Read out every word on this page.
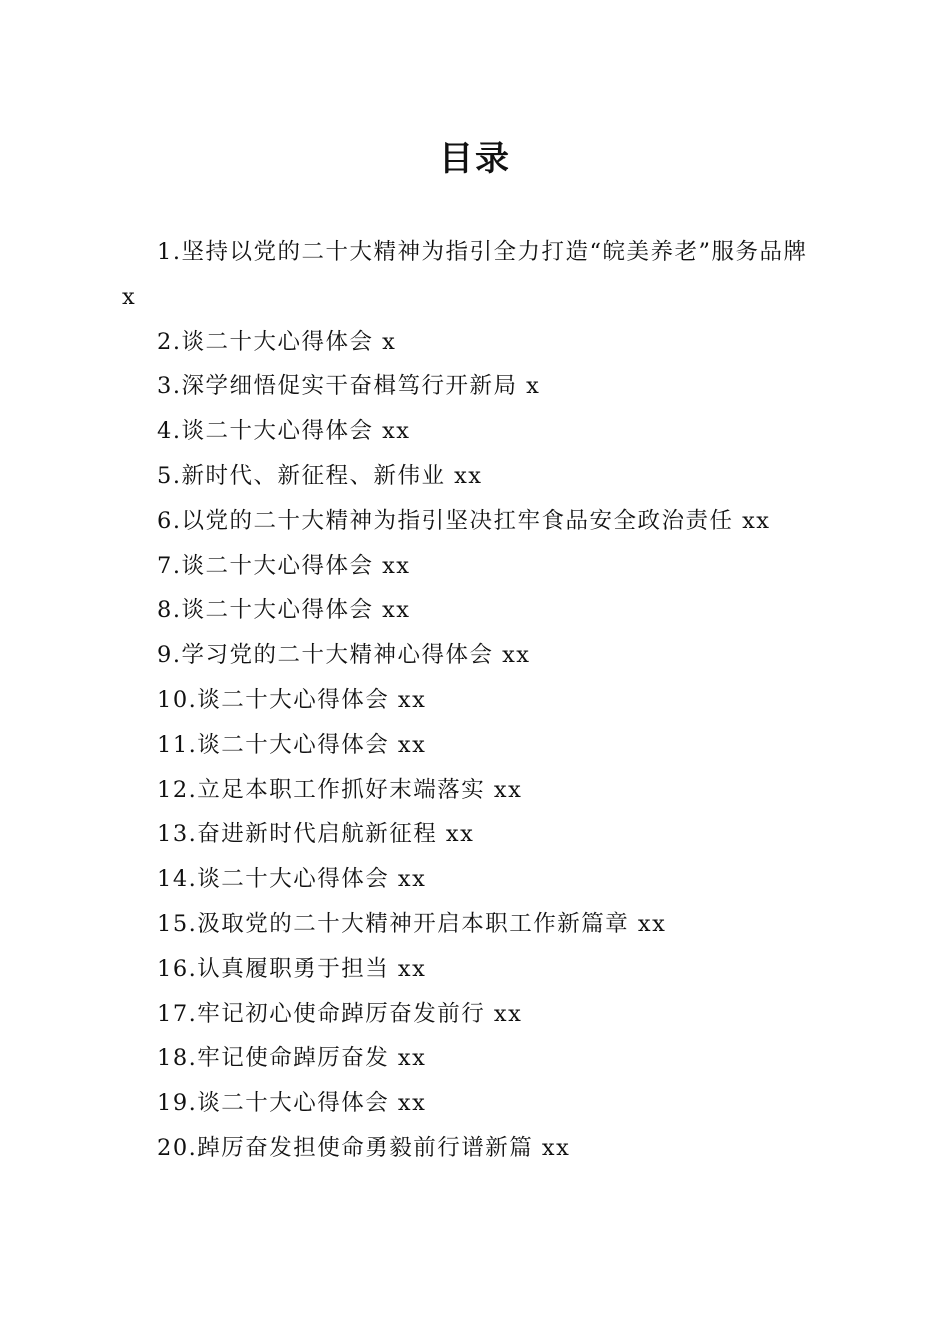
目录
1.坚持以党的二十大精神为指引全力打造“皖美养老”服务品牌 x
2.谈二十大心得体会 x
3.深学细悟促实干奋楫笃行开新局 x
4.谈二十大心得体会 xx
5.新时代、新征程、新伟业 xx
6.以党的二十大精神为指引坚决扛牢食品安全政治责任 xx
7.谈二十大心得体会 xx
8.谈二十大心得体会 xx
9.学习党的二十大精神心得体会 xx
10.谈二十大心得体会 xx
11.谈二十大心得体会 xx
12.立足本职工作抓好末端落实 xx
13.奋进新时代启航新征程 xx
14.谈二十大心得体会 xx
15.汲取党的二十大精神开启本职工作新篇章 xx
16.认真履职勇于担当 xx
17.牢记初心使命踔厉奋发前行 xx
18.牢记使命踔厉奋发 xx
19.谈二十大心得体会 xx
20.踔厉奋发担使命勇毅前行谱新篇 xx
